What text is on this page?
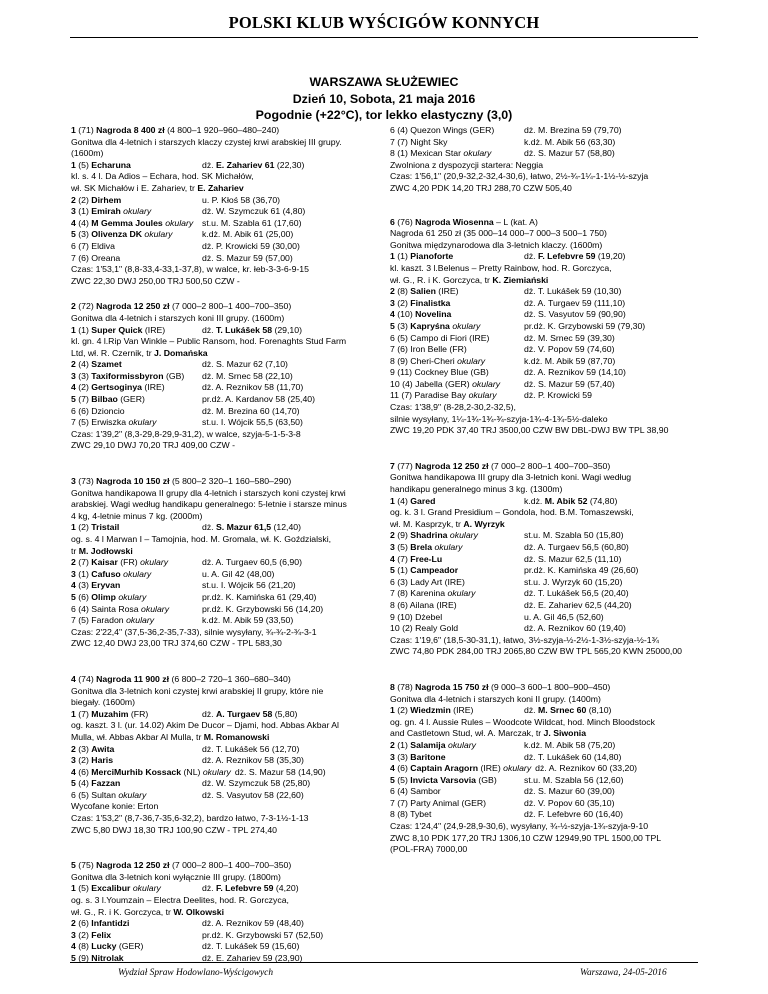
POLSKI KLUB WYŚCIGÓW KONNYCH
WARSZAWA SŁUŻEWIEC
Dzień 10, Sobota, 21 maja 2016
Pogodnie (+22°C), tor lekko elastyczny (3,0)
1 (71) Nagroda 8 400 zł (4 800–1 920–960–480–240)
Gonitwa dla 4-letnich i starszych klaczy czystej krwi arabskiej III grupy.
(1600m)
1 (5) Echaruna	dż. E. Zahariev 61 (22,30)
kl. s. 4 l. Da Adios – Echara, hod. SK Michałów,
wł. SK Michałów i E. Zahariev, tr E. Zahariev
2 (2) Dirhem	u. P. Kłoś 58 (36,70)
3 (1) Emirah okulary	dż. W. Szymczuk 61 (4,80)
4 (4) M Gemma Joules okulary st.u. M. Szabla 61 (17,60)
5 (3) Olivenza DK okulary	k.dż. M. Abik 61 (25,00)
6 (7) Eldiva	dż. P. Krowicki 59 (30,00)
7 (6) Oreana	dż. S. Mazur 59 (57,00)
Czas: 1'53,1" (8,8-33,4-33,1-37,8), w walce, kr. łeb-3-3-6-9-15
ZWC 22,30 DWJ 250,00 TRJ 500,50 CZW -
2 (72) Nagroda 12 250 zł (7 000–2 800–1 400–700–350)
Gonitwa dla 4-letnich i starszych koni III grupy. (1600m)
1 (1) Super Quick (IRE)	dż. T. Lukášek 58 (29,10)
kl. gn. 4 l.Rip Van Winkle – Public Ransom, hod. Forenaghts Stud Farm
Ltd, wł. R. Czernik, tr J. Domańska
2 (4) Szamet	dż. S. Mazur 62 (7,10)
3 (3) Taxiformissbyron (GB) dż. M. Srnec 58 (22,10)
4 (2) Gertsoginya (IRE)	dż. A. Reznikov 58 (11,70)
5 (7) Bilbao (GER)	pr.dż. A. Kardanov 58 (25,40)
6 (6) Dzioncio	dż. M. Brezina 60 (14,70)
7 (5) Erwiszka okulary	st.u. I. Wójcik 55,5 (63,50)
Czas: 1'39,2" (8,3-29,8-29,9-31,2), w walce, szyja-5-1-5-3-8
ZWC 29,10 DWJ 70,20 TRJ 409,00 CZW -
3 (73) Nagroda 10 150 zł (5 800–2 320–1 160–580–290)
Gonitwa handikapowa II grupy dla 4-letnich i starszych koni czystej krwi
arabskiej. Wagi według handikapu generalnego: 5-letnie i starsze minus
4 kg, 4-letnie minus 7 kg. (2000m)
1 (2) Tristail	dż. S. Mazur 61,5 (12,40)
og. s. 4 l Marwan I – Tamojnia, hod. M. Gromala, wł. K. Goździalski,
tr M. Jodłowski
2 (7) Kaisar (FR) okulary	dż. A. Turgaev 60,5 (6,90)
3 (1) Cafuso okulary	u. A. Gil 42 (48,00)
4 (3) Eryvan	st.u. I. Wójcik 56 (21,20)
5 (6) Olimp okulary	pr.dż. K. Kamińska 61 (29,40)
6 (4) Sainta Rosa okulary	pr.dż. K. Grzybowski 56 (14,20)
7 (5) Faradon okulary	k.dż. M. Abik 59 (33,50)
Czas: 2'22,4" (37,5-36,2-35,7-33), silnie wysyłany, ¾-¾-2-¾-3-1
ZWC 12,40 DWJ 23,00 TRJ 374,60 CZW - TPL 583,30
4 (74) Nagroda 11 900 zł (6 800–2 720–1 360–680–340)
Gonitwa dla 3-letnich koni czystej krwi arabskiej II grupy, które nie
biegały. (1600m)
1 (7) Muzahim (FR)	dż. A. Turgaev 58 (5,80)
og. kaszt. 3 l. (ur. 14.02) Akim De Ducor – Djami, hod. Abbas Akbar Al
Mulla, wł. Abbas Akbar Al Mulla, tr M. Romanowski
2 (3) Awita	dż. T. Lukášek 56 (12,70)
3 (2) Haris	dż. A. Reznikov 58 (35,30)
4 (6) MerciMurhib Kossack (NL) okulary dż. S. Mazur 58 (14,90)
5 (4) Fazzan	dż. W. Szymczuk 58 (25,80)
6 (5) Sultan okulary	dż. S. Vasyutov 58 (22,60)
Wycofane konie: Erton
Czas: 1'53,2" (8,7-36,7-35,6-32,2), bardzo łatwo, 7-3-1½-1-13
ZWC 5,80 DWJ 18,30 TRJ 100,90 CZW - TPL 274,40
5 (75) Nagroda 12 250 zł (7 000–2 800–1 400–700–350)
Gonitwa dla 3-letnich koni wyłącznie III grupy. (1800m)
1 (5) Excalibur okulary	dż. F. Lefebvre 59 (4,20)
og. s. 3 l.Youmzain – Electra Deelites, hod. R. Gorczyca,
wł. G., R. i K. Gorczyca, tr W. Olkowski
2 (6) Infantidzi	dż. A. Reznikov 59 (48,40)
3 (2) Felix	pr.dż. K. Grzybowski 57 (52,50)
4 (8) Lucky (GER)	dż. T. Lukášek 59 (15,60)
5 (9) Nitrolak	dż. E. Zahariev 59 (23,90)
6 (4) Quezon Wings (GER)	dż. M. Brezina 59 (79,70)
7 (7) Night Sky	k.dż. M. Abik 56 (63,30)
8 (1) Mexican Star okulary	dż. S. Mazur 57 (58,80)
Zwolniona z dyspozycji startera: Neggia
Czas: 1'56,1" (20,9-32,2-32,4-30,6), łatwo, 2½-¾-1¼-1-1½-½-szyja
ZWC 4,20 PDK 14,20 TRJ 288,70 CZW 505,40
6 (76) Nagroda Wiosenna – L (kat. A)
Nagroda 61 250 zł (35 000–14 000–7 000–3 500–1 750)
Gonitwa międzynarodowa dla 3-letnich klaczy. (1600m)
1 (1) Pianoforte	dż. F. Lefebvre 59 (19,20)
kl. kaszt. 3 l.Belenus – Pretty Rainbow, hod. R. Gorczyca,
wł. G., R. i K. Gorczyca, tr K. Ziemiański
2 (8) Salien (IRE)	dż. T. Lukášek 59 (10,30)
3 (2) Finalistka	dż. A. Turgaev 59 (111,10)
4 (10) Novelina	dż. S. Vasyutov 59 (90,90)
5 (3) Kapryśna okulary	pr.dż. K. Grzybowski 59 (79,30)
6 (5) Campo di Fiori (IRE)	dż. M. Srnec 59 (39,30)
7 (6) Iron Belle (FR)	dż. V. Popov 59 (74,60)
8 (9) Cheri-Cheri okulary	k.dż. M. Abik 59 (87,70)
9 (11) Cockney Blue (GB)	dż. A. Reznikov 59 (14,10)
10 (4) Jabella (GER) okulary	dż. S. Mazur 59 (57,40)
11 (7) Paradise Bay okulary	dż. P. Krowicki 59
Czas: 1'38,9" (8-28,2-30,2-32,5),
silnie wysyłany, 1¼-1¾-1¾-¾-szyja-1¾-4-1¾-5½-daleko
ZWC 19,20 PDK 37,40 TRJ 3500,00 CZW BW DBL-DWJ BW TPL 38,90
7 (77) Nagroda 12 250 zł (7 000–2 800–1 400–700–350)
Gonitwa handikapowa III grupy dla 3-letnich koni. Wagi według
handikapu generalnego minus 3 kg. (1300m)
1 (4) Gared	k.dż. M. Abik 52 (74,80)
og. k. 3 l. Grand Presidium – Gondola, hod. B.M. Tomaszewski,
wł. M. Kasprzyk, tr A. Wyrzyk
2 (9) Shadrina okulary	st.u. M. Szabla 50 (15,80)
3 (5) Brela okulary	dż. A. Turgaev 56,5 (60,80)
4 (7) Free-Lu	dż. S. Mazur 62,5 (11,10)
5 (1) Campeador	pr.dż. K. Kamińska 49 (26,60)
6 (3) Lady Art (IRE)	st.u. J. Wyrzyk 60 (15,20)
7 (8) Karenina okulary	dż. T. Lukášek 56,5 (20,40)
8 (6) Ailana (IRE)	dż. E. Zahariev 62,5 (44,20)
9 (10) Dżebel	u. A. Gil 46,5 (52,60)
10 (2) Realy Gold	dż. A. Reznikov 60 (19,40)
Czas: 1'19,6" (18,5-30-31,1), łatwo, 3½-szyja-½-2½-1-3½-szyja-½-1¾
ZWC 74,80 PDK 284,00 TRJ 2065,80 CZW BW TPL 565,20 KWN 25000,00
8 (78) Nagroda 15 750 zł (9 000–3 600–1 800–900–450)
Gonitwa dla 4-letnich i starszych koni II grupy. (1400m)
1 (2) Wiedzmin (IRE)	dż. M. Srnec 60 (8,10)
og. gn. 4 l. Aussie Rules – Woodcote Wildcat, hod. Minch Bloodstock
and Castletown Stud, wł. A. Marczak, tr J. Siwonia
2 (1) Salamija okulary	k.dż. M. Abik 58 (75,20)
3 (3) Baritone	dż. T. Lukášek 60 (14,80)
4 (6) Captain Aragorn (IRE) okulary dż. A. Reznikov 60 (33,20)
5 (5) Invicta Varsovia (GB)	st.u. M. Szabla 56 (12,60)
6 (4) Sambor	dż. S. Mazur 60 (39,00)
7 (7) Party Animal (GER)	dż. V. Popov 60 (35,10)
8 (8) Tybet	dż. F. Lefebvre 60 (16,40)
Czas: 1'24,4" (24,9-28,9-30,6), wysyłany, ¾-½-szyja-1¾-szyja-9-10
ZWC 8,10 PDK 177,20 TRJ 1306,10 CZW 12949,90 TPL 1500,00 TPL
(POL-FRA) 7000,00
Wydział Spraw Hodowlano-Wyścigowych	Warszawa, 24-05-2016
